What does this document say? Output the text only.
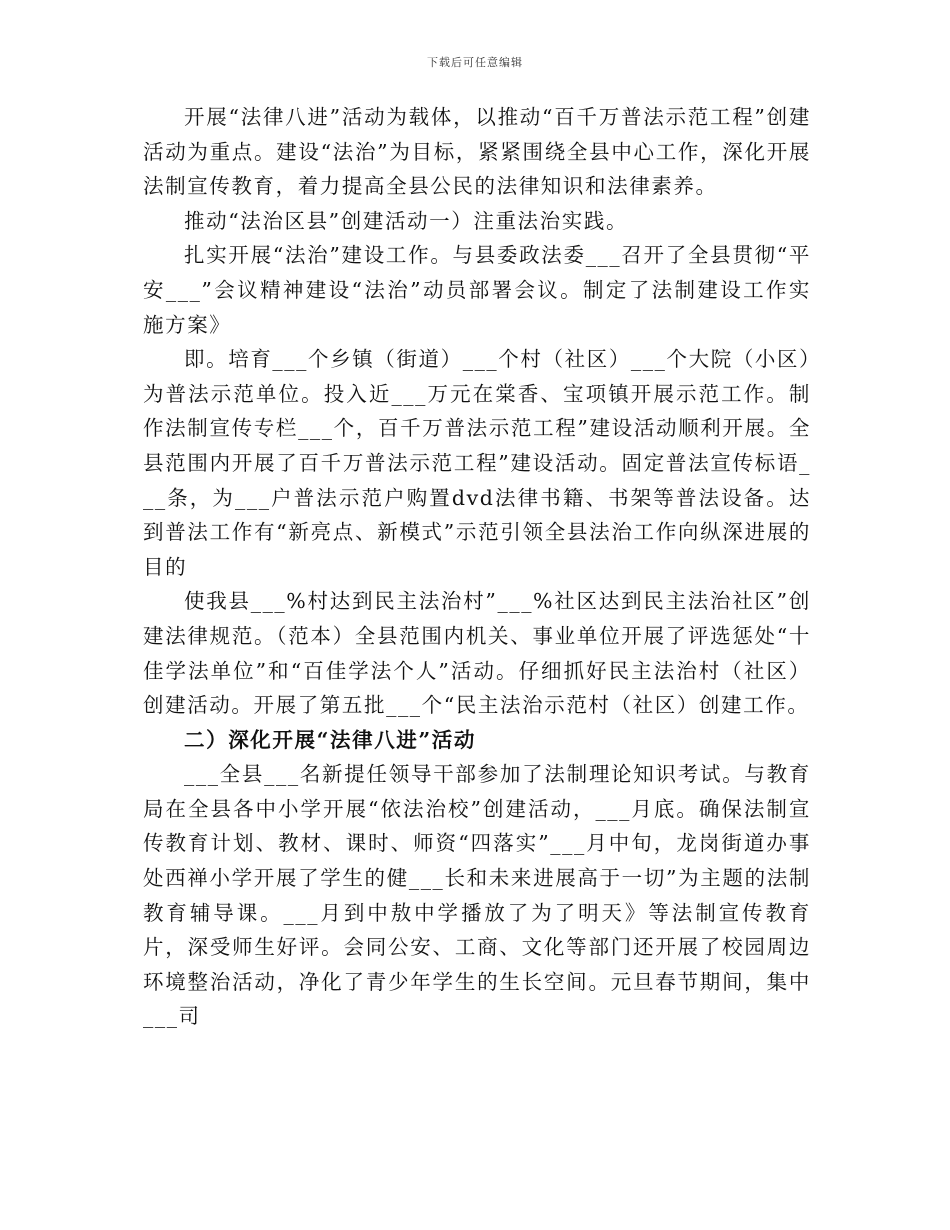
下载后可任意编辑

开展“法律八进”活动为载体，以推动“百千万普法示范工程”创建活动为重点。建设“法治”为目标，紧紧围绕全县中心工作，深化开展法制宣传教育，着力提高全县公民的法律知识和法律素养。

推动“法治区县”创建活动一）注重法治实践。

扎实开展“法治”建设工作。与县委政法委___召开了全县贯彻“平安___”会议精神建设“法治”动员部署会议。制定了法制建设工作实施方案》

即。培育___个乡镇（街道）___个村（社区）___个大院（小区）为普法示范单位。投入近___万元在棠香、宝项镇开展示范工作。制作法制宣传专栏___个，百千万普法示范工程”建设活动顺利开展。全县范围内开展了百千万普法示范工程”建设活动。固定普法宣传标语___条，为___户普法示范户购置dvd法律书籍、书架等普法设备。达到普法工作有“新亮点、新模式”示范引领全县法治工作向纵深进展的目的

使我县___%村达到民主法治村”___%社区达到民主法治社区”创建法律规范。（范本）全县范围内机关、事业单位开展了评选惩处“十佳学法单位”和“百佳学法个人”活动。仔细抓好民主法治村（社区）创建活动。开展了第五批___个“民主法治示范村（社区）创建工作。

二）深化开展“法律八进”活动

___全县___名新提任领导干部参加了法制理论知识考试。与教育局在全县各中小学开展“依法治校”创建活动，___月底。确保法制宣传教育计划、教材、课时、师资“四落实”___月中旬，龙岗街道办事处西禅小学开展了学生的健___长和未来进展高于一切”为主题的法制教育辅导课。___月到中敖中学播放了为了明天》等法制宣传教育片，深受师生好评。会同公安、工商、文化等部门还开展了校园周边环境整治活动，净化了青少年学生的生长空间。元旦春节期间，集中___司
